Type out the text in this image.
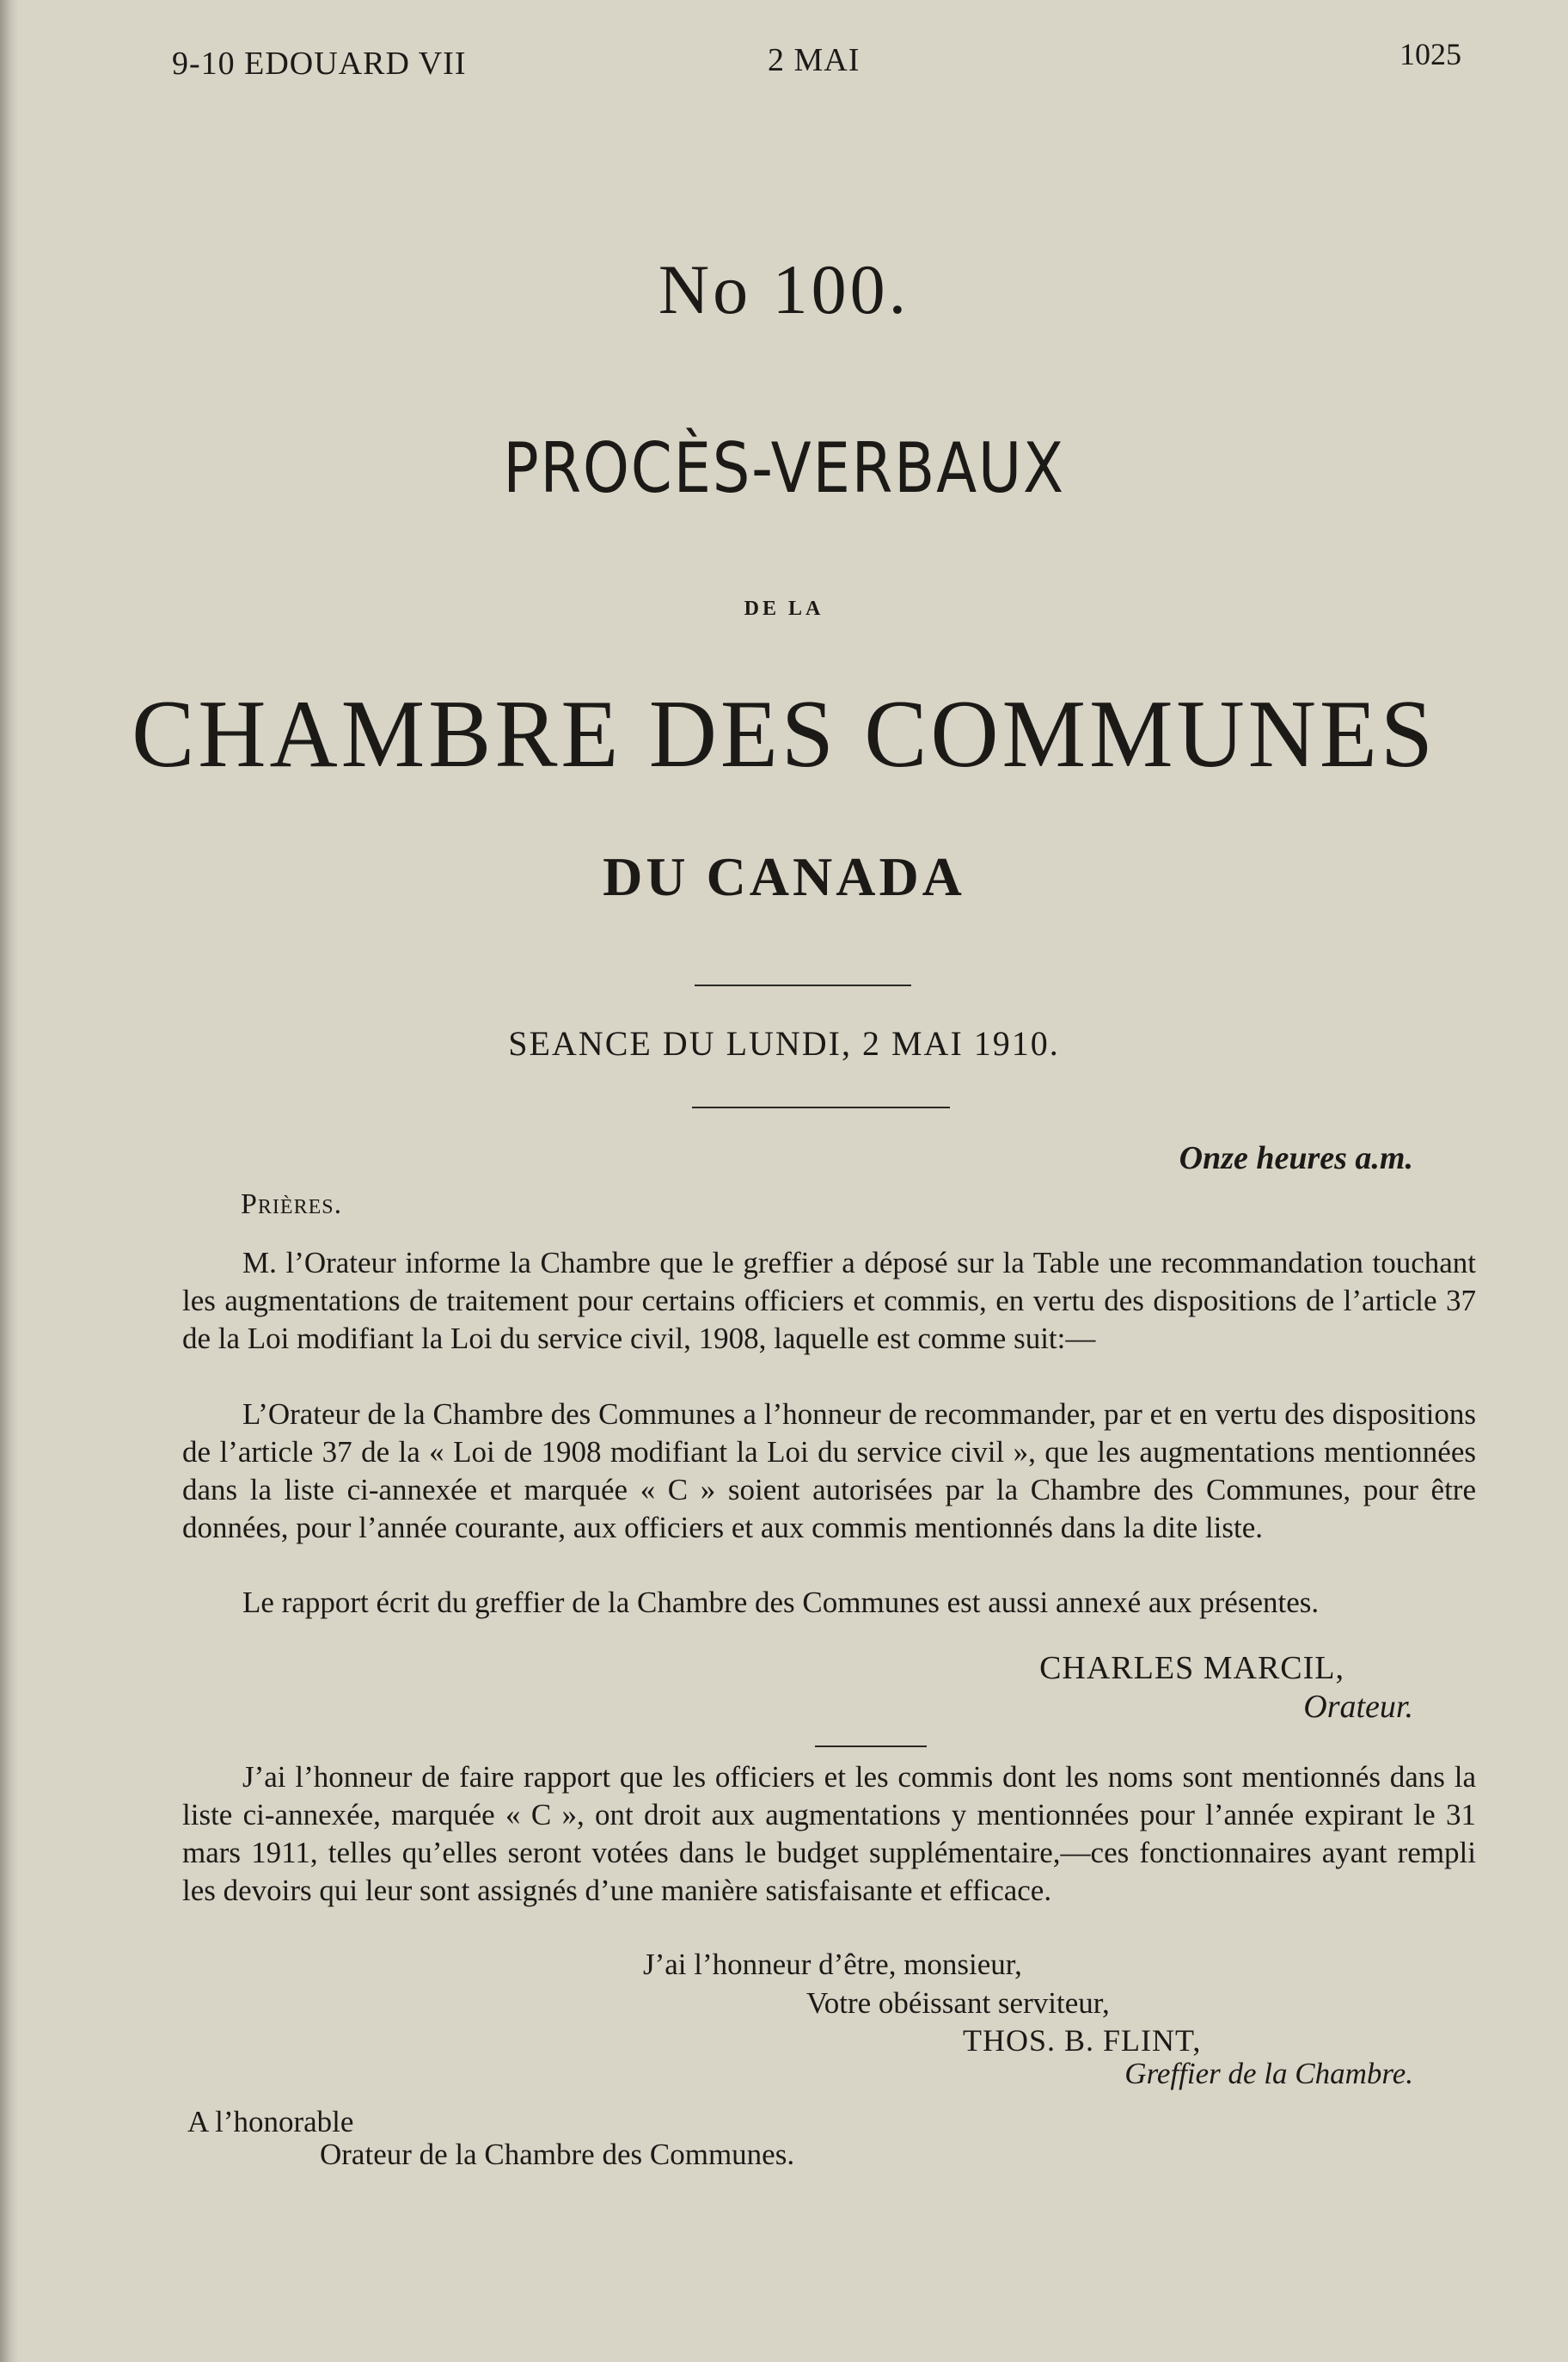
9-10 EDOUARD VII	2 MAI	1025
No 100.
PROCÈS-VERBAUX
DE LA
CHAMBRE DES COMMUNES
DU CANADA
SEANCE DU LUNDI, 2 MAI 1910.
Onze heures a.m.
Prières.
M. l’Orateur informe la Chambre que le greffier a déposé sur la Table une recommandation touchant les augmentations de traitement pour certains officiers et commis, en vertu des dispositions de l’article 37 de la Loi modifiant la Loi du service civil, 1908, laquelle est comme suit:—
L’Orateur de la Chambre des Communes a l’honneur de recommander, par et en vertu des dispositions de l’article 37 de la « Loi de 1908 modifiant la Loi du service civil », que les augmentations mentionnées dans la liste ci-annexée et marquée « C » soient autorisées par la Chambre des Communes, pour être données, pour l’année courante, aux officiers et aux commis mentionnés dans la dite liste.
Le rapport écrit du greffier de la Chambre des Communes est aussi annexé aux présentes.
CHARLES MARCIL,
Orateur.
J’ai l’honneur de faire rapport que les officiers et les commis dont les noms sont mentionnés dans la liste ci-annexée, marquée « C », ont droit aux augmentations y mentionnées pour l’année expirant le 31 mars 1911, telles qu’elles seront votées dans le budget supplémentaire,—ces fonctionnaires ayant rempli les devoirs qui leur sont assignés d’une manière satisfaisante et efficace.
J’ai l’honneur d’être, monsieur,
Votre obéissant serviteur,
THOS. B. FLINT,
Greffier de la Chambre.
A l’honorable
Orateur de la Chambre des Communes.
